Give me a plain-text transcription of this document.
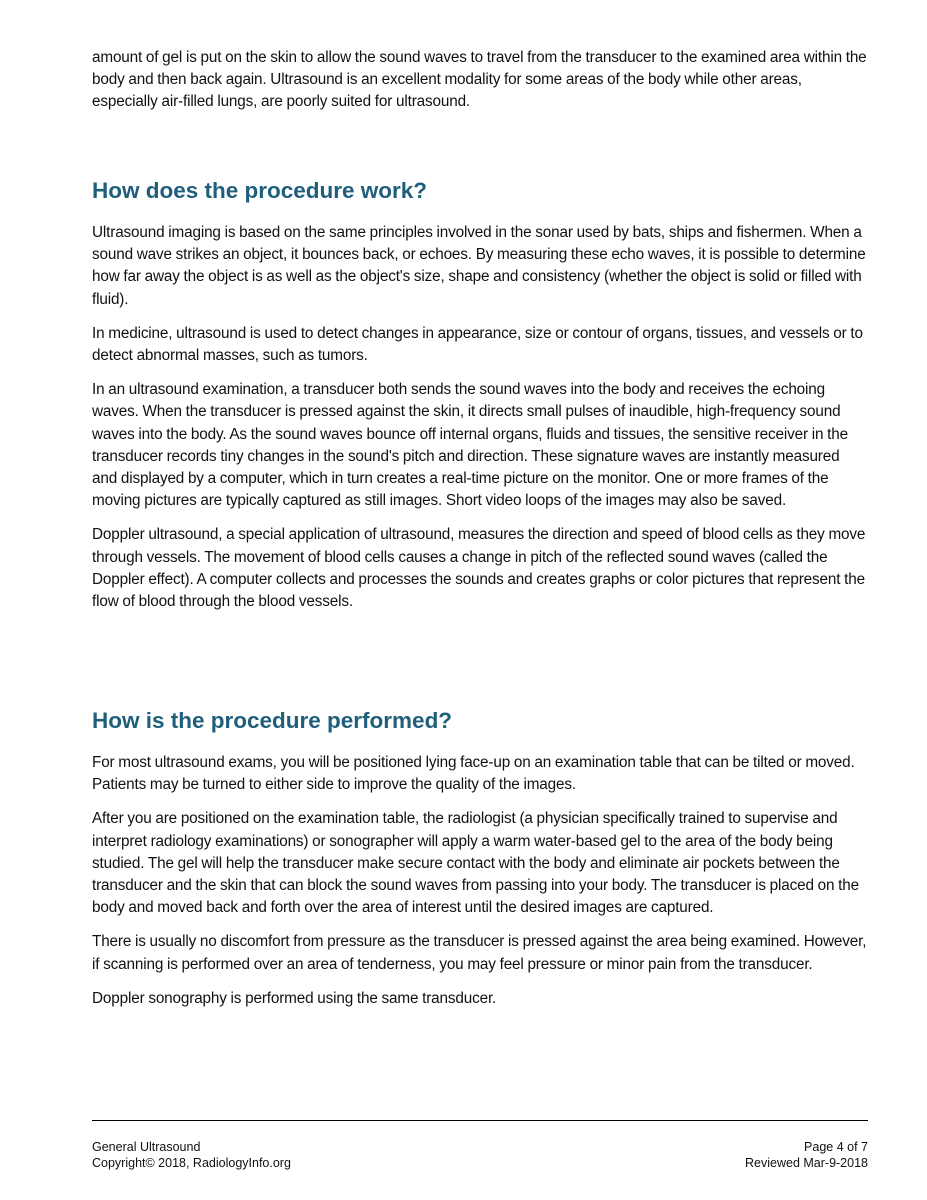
amount of gel is put on the skin to allow the sound waves to travel from the transducer to the examined area within the body and then back again. Ultrasound is an excellent modality for some areas of the body while other areas, especially air-filled lungs, are poorly suited for ultrasound.

How does the procedure work?

Ultrasound imaging is based on the same principles involved in the sonar used by bats, ships and fishermen. When a sound wave strikes an object, it bounces back, or echoes. By measuring these echo waves, it is possible to determine how far away the object is as well as the object's size, shape and consistency (whether the object is solid or filled with fluid).

In medicine, ultrasound is used to detect changes in appearance, size or contour of organs, tissues, and vessels or to detect abnormal masses, such as tumors.

In an ultrasound examination, a transducer both sends the sound waves into the body and receives the echoing waves. When the transducer is pressed against the skin, it directs small pulses of inaudible, high-frequency sound waves into the body. As the sound waves bounce off internal organs, fluids and tissues, the sensitive receiver in the transducer records tiny changes in the sound's pitch and direction. These signature waves are instantly measured and displayed by a computer, which in turn creates a real-time picture on the monitor. One or more frames of the moving pictures are typically captured as still images. Short video loops of the images may also be saved.

Doppler ultrasound, a special application of ultrasound, measures the direction and speed of blood cells as they move through vessels. The movement of blood cells causes a change in pitch of the reflected sound waves (called the Doppler effect). A computer collects and processes the sounds and creates graphs or color pictures that represent the flow of blood through the blood vessels.

How is the procedure performed?

For most ultrasound exams, you will be positioned lying face-up on an examination table that can be tilted or moved. Patients may be turned to either side to improve the quality of the images.

After you are positioned on the examination table, the radiologist (a physician specifically trained to supervise and interpret radiology examinations) or sonographer will apply a warm water-based gel to the area of the body being studied. The gel will help the transducer make secure contact with the body and eliminate air pockets between the transducer and the skin that can block the sound waves from passing into your body. The transducer is placed on the body and moved back and forth over the area of interest until the desired images are captured.

There is usually no discomfort from pressure as the transducer is pressed against the area being examined. However, if scanning is performed over an area of tenderness, you may feel pressure or minor pain from the transducer.

Doppler sonography is performed using the same transducer.

General Ultrasound
Copyright© 2018, RadiologyInfo.org
Page 4 of 7
Reviewed Mar-9-2018
